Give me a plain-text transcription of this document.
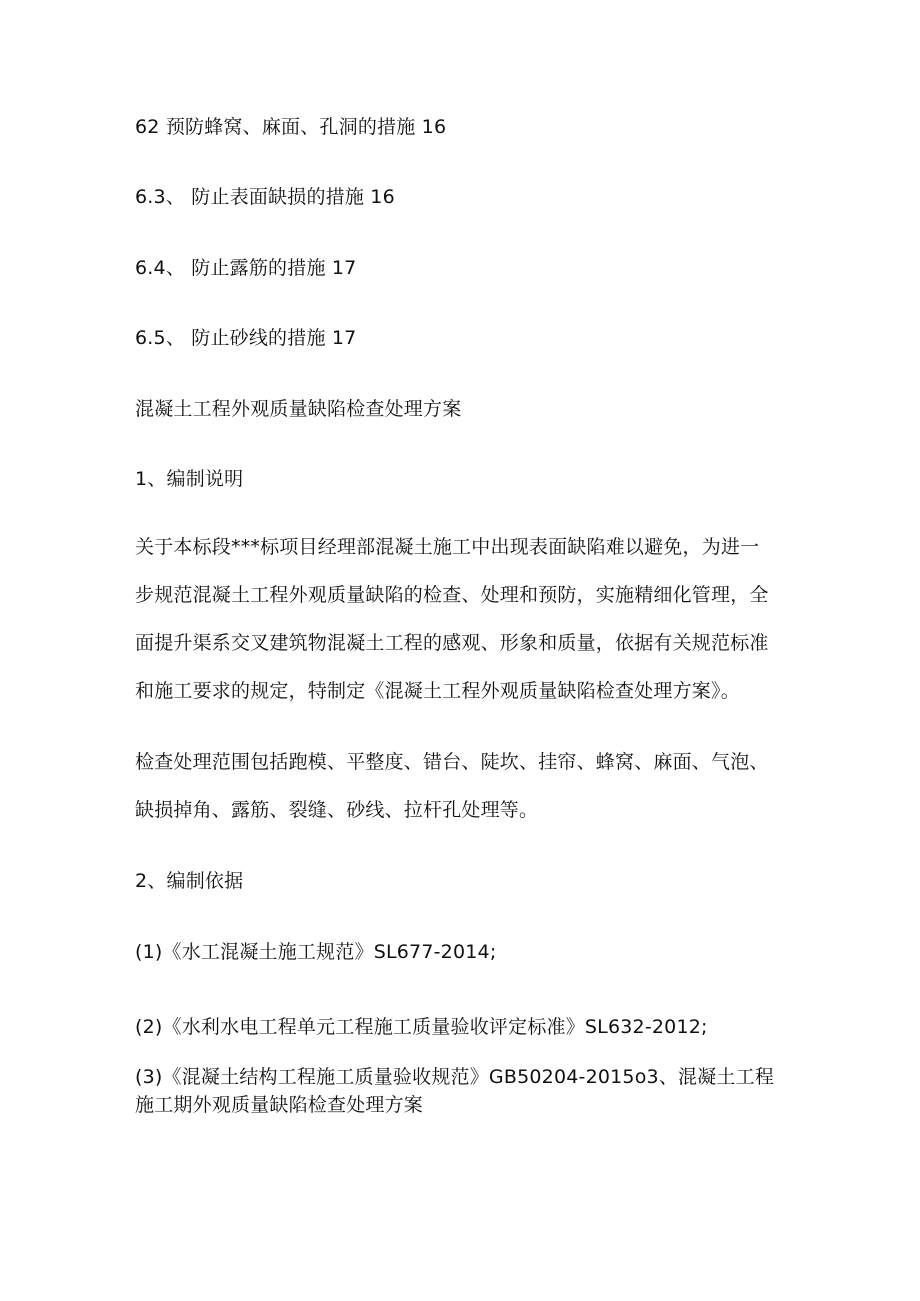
62 预防蜂窝、麻面、孔洞的措施 16
6.3、 防止表面缺损的措施 16
6.4、 防止露筋的措施 17
6.5、 防止砂线的措施 17
混凝土工程外观质量缺陷检查处理方案
1、编制说明
关于本标段***标项目经理部混凝土施工中出现表面缺陷难以避免，为进一
步规范混凝土工程外观质量缺陷的检查、处理和预防，实施精细化管理，全
面提升渠系交叉建筑物混凝土工程的感观、形象和质量，依据有关规范标准
和施工要求的规定，特制定《混凝土工程外观质量缺陷检查处理方案》。
检查处理范围包括跑模、平整度、错台、陡坎、挂帘、蜂窝、麻面、气泡、
缺损掉角、露筋、裂缝、砂线、拉杆孔处理等。
2、编制依据
(1)《水工混凝土施工规范》SL677-2014;
(2)《水利水电工程单元工程施工质量验收评定标准》SL632-2012;
(3)《混凝土结构工程施工质量验收规范》GB50204-2015o3、混凝土工程
施工期外观质量缺陷检查处理方案
